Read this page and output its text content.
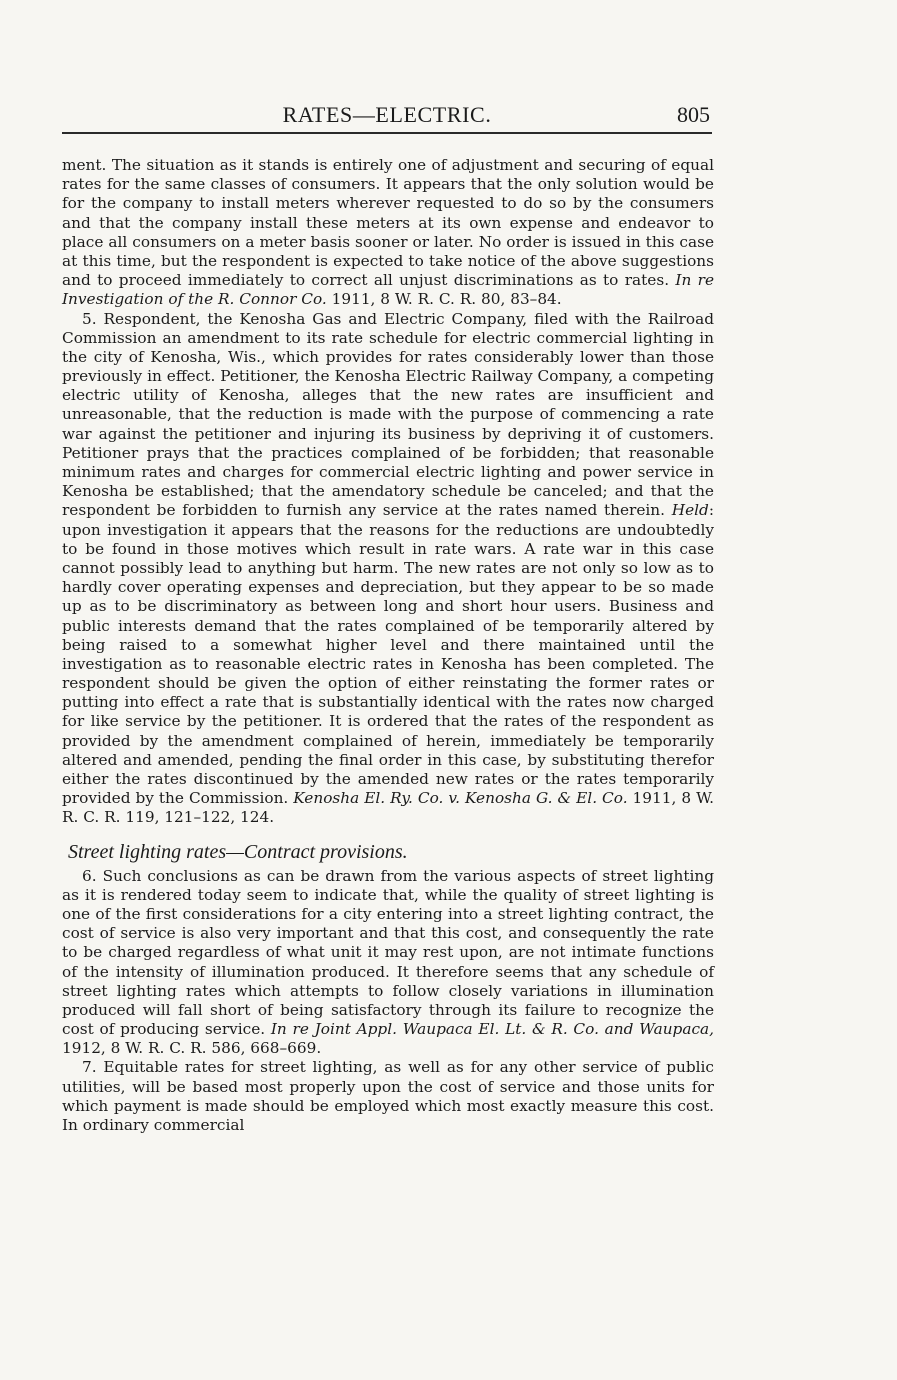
RATES—ELECTRIC.	805

ment. The situation as it stands is entirely one of adjustment and securing of equal rates for the same classes of consumers. It appears that the only solution would be for the company to install meters wherever requested to do so by the consumers and that the company install these meters at its own expense and endeavor to place all consumers on a meter basis sooner or later. No order is issued in this case at this time, but the respondent is expected to take notice of the above suggestions and to proceed immediately to correct all unjust discriminations as to rates. In re Investigation of the R. Connor Co. 1911, 8 W. R. C. R. 80, 83–84.

5. Respondent, the Kenosha Gas and Electric Company, filed with the Railroad Commission an amendment to its rate schedule for electric commercial lighting in the city of Kenosha, Wis., which provides for rates considerably lower than those previously in effect. Petitioner, the Kenosha Electric Railway Company, a competing electric utility of Kenosha, alleges that the new rates are insufficient and unreasonable, that the reduction is made with the purpose of commencing a rate war against the petitioner and injuring its business by depriving it of customers. Petitioner prays that the practices complained of be forbidden; that reasonable minimum rates and charges for commercial electric lighting and power service in Kenosha be established; that the amendatory schedule be canceled; and that the respondent be forbidden to furnish any service at the rates named therein. Held: upon investigation it appears that the reasons for the reductions are undoubtedly to be found in those motives which result in rate wars. A rate war in this case cannot possibly lead to anything but harm. The new rates are not only so low as to hardly cover operating expenses and depreciation, but they appear to be so made up as to be discriminatory as between long and short hour users. Business and public interests demand that the rates complained of be temporarily altered by being raised to a somewhat higher level and there maintained until the investigation as to reasonable electric rates in Kenosha has been completed. The respondent should be given the option of either reinstating the former rates or putting into effect a rate that is substantially identical with the rates now charged for like service by the petitioner. It is ordered that the rates of the respondent as provided by the amendment complained of herein, immediately be temporarily altered and amended, pending the final order in this case, by substituting therefor either the rates discontinued by the amended new rates or the rates temporarily provided by the Commission. Kenosha El. Ry. Co. v. Kenosha G. & El. Co. 1911, 8 W. R. C. R. 119, 121–122, 124.

Street lighting rates—Contract provisions.

6. Such conclusions as can be drawn from the various aspects of street lighting as it is rendered today seem to indicate that, while the quality of street lighting is one of the first considerations for a city entering into a street lighting contract, the cost of service is also very important and that this cost, and consequently the rate to be charged regardless of what unit it may rest upon, are not intimate functions of the intensity of illumination produced. It therefore seems that any schedule of street lighting rates which attempts to follow closely variations in illumination produced will fall short of being satisfactory through its failure to recognize the cost of producing service. In re Joint Appl. Waupaca El. Lt. & R. Co. and Waupaca, 1912, 8 W. R. C. R. 586, 668–669.

7. Equitable rates for street lighting, as well as for any other service of public utilities, will be based most properly upon the cost of service and those units for which payment is made should be employed which most exactly measure this cost. In ordinary commercial
